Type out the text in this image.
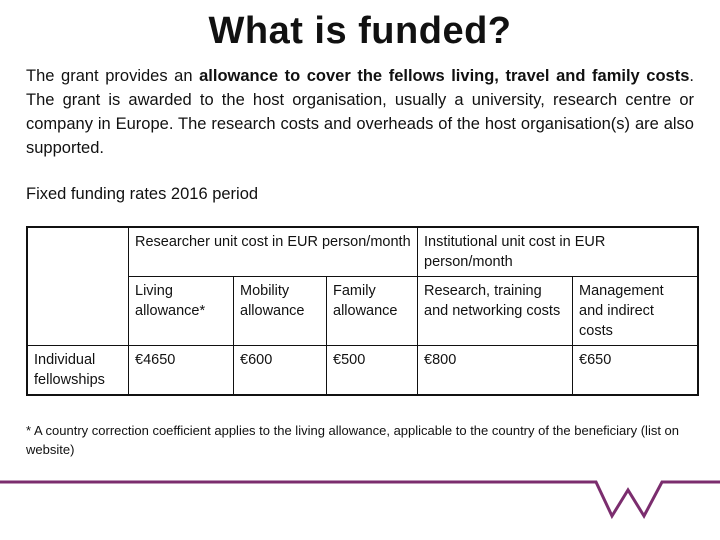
What is funded?
The grant provides an allowance to cover the fellows living, travel and family costs. The grant is awarded to the host organisation, usually a university, research centre or company in Europe. The research costs and overheads of the host organisation(s) are also supported.
Fixed funding rates 2016 period
	Researcher unit cost in EUR person/month			Institutional unit cost in EUR person/month	
	Living allowance*	Mobility allowance	Family allowance	Research, training and networking costs	Management and indirect costs
Individual fellowships	€4650	€600	€500	€800	€650
* A country correction coefficient applies to the living allowance, applicable to the country of the beneficiary (list on website)
